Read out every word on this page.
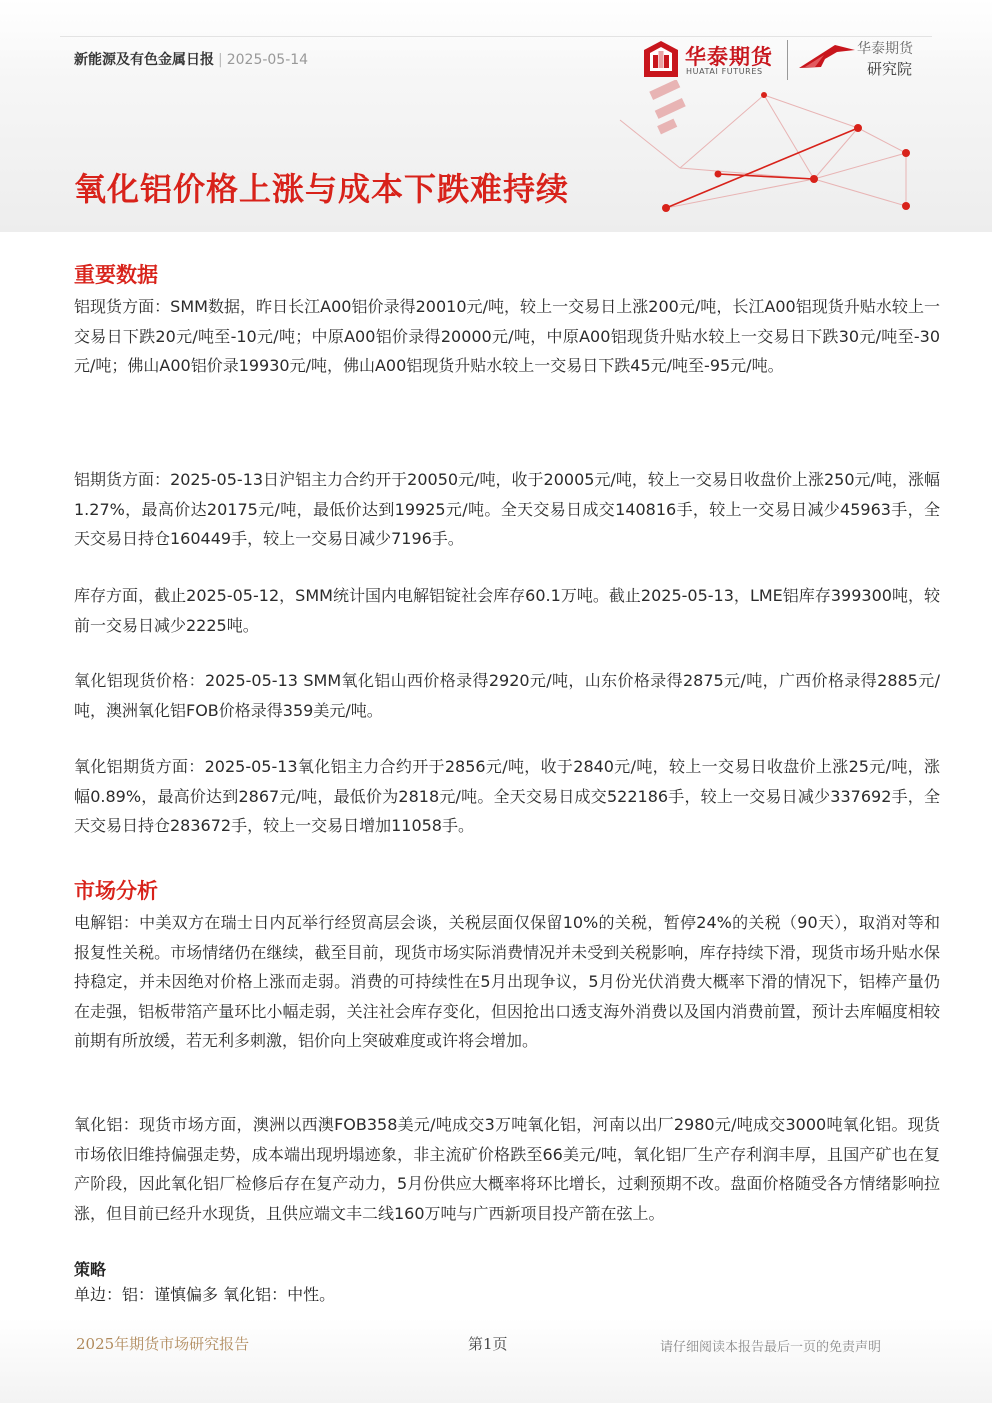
新能源及有色金属日报 | 2025-05-14	华泰期货
HUATAI FUTURES
华泰期货
研究院
氧化铝价格上涨与成本下跌难持续
重要数据

铝现货方面：SMM数据，昨日长江A00铝价录得20010元/吨，较上一交易日上涨200元/吨，长江A00铝现货升贴水较上一交易日下跌20元/吨至-10元/吨；中原A00铝价录得20000元/吨，中原A00铝现货升贴水较上一交易日下跌30元/吨至-30元/吨；佛山A00铝价录19930元/吨，佛山A00铝现货升贴水较上一交易日下跌45元/吨至-95元/吨。

铝期货方面：2025-05-13日沪铝主力合约开于20050元/吨，收于20005元/吨，较上一交易日收盘价上涨250元/吨，涨幅1.27%，最高价达20175元/吨，最低价达到19925元/吨。全天交易日成交140816手，较上一交易日减少45963手，全天交易日持仓160449手，较上一交易日减少7196手。

库存方面，截止2025-05-12，SMM统计国内电解铝锭社会库存60.1万吨。截止2025-05-13，LME铝库存399300吨，较前一交易日减少2225吨。

氧化铝现货价格：2025-05-13 SMM氧化铝山西价格录得2920元/吨，山东价格录得2875元/吨，广西价格录得2885元/吨，澳洲氧化铝FOB价格录得359美元/吨。

氧化铝期货方面：2025-05-13氧化铝主力合约开于2856元/吨，收于2840元/吨，较上一交易日收盘价上涨25元/吨，涨幅0.89%，最高价达到2867元/吨，最低价为2818元/吨。全天交易日成交522186手，较上一交易日减少337692手，全天交易日持仓283672手，较上一交易日增加11058手。

市场分析

电解铝：中美双方在瑞士日内瓦举行经贸高层会谈，关税层面仅保留10%的关税，暂停24%的关税（90天），取消对等和报复性关税。市场情绪仍在继续，截至目前，现货市场实际消费情况并未受到关税影响，库存持续下滑，现货市场升贴水保持稳定，并未因绝对价格上涨而走弱。消费的可持续性在5月出现争议，5月份光伏消费大概率下滑的情况下，铝棒产量仍在走强，铝板带箔产量环比小幅走弱，关注社会库存变化，但因抢出口透支海外消费以及国内消费前置，预计去库幅度相较前期有所放缓，若无利多刺激，铝价向上突破难度或许将会增加。

氧化铝：现货市场方面，澳洲以西澳FOB358美元/吨成交3万吨氧化铝，河南以出厂2980元/吨成交3000吨氧化铝。现货市场依旧维持偏强走势，成本端出现坍塌迹象，非主流矿价格跌至66美元/吨，氧化铝厂生产存利润丰厚，且国产矿也在复产阶段，因此氧化铝厂检修后存在复产动力，5月份供应大概率将环比增长，过剩预期不改。盘面价格随受各方情绪影响拉涨，但目前已经升水现货，且供应端文丰二线160万吨与广西新项目投产箭在弦上。

策略
单边：铝：谨慎偏多 氧化铝：中性。
2025年期货市场研究报告	第1页	请仔细阅读本报告最后一页的免责声明
